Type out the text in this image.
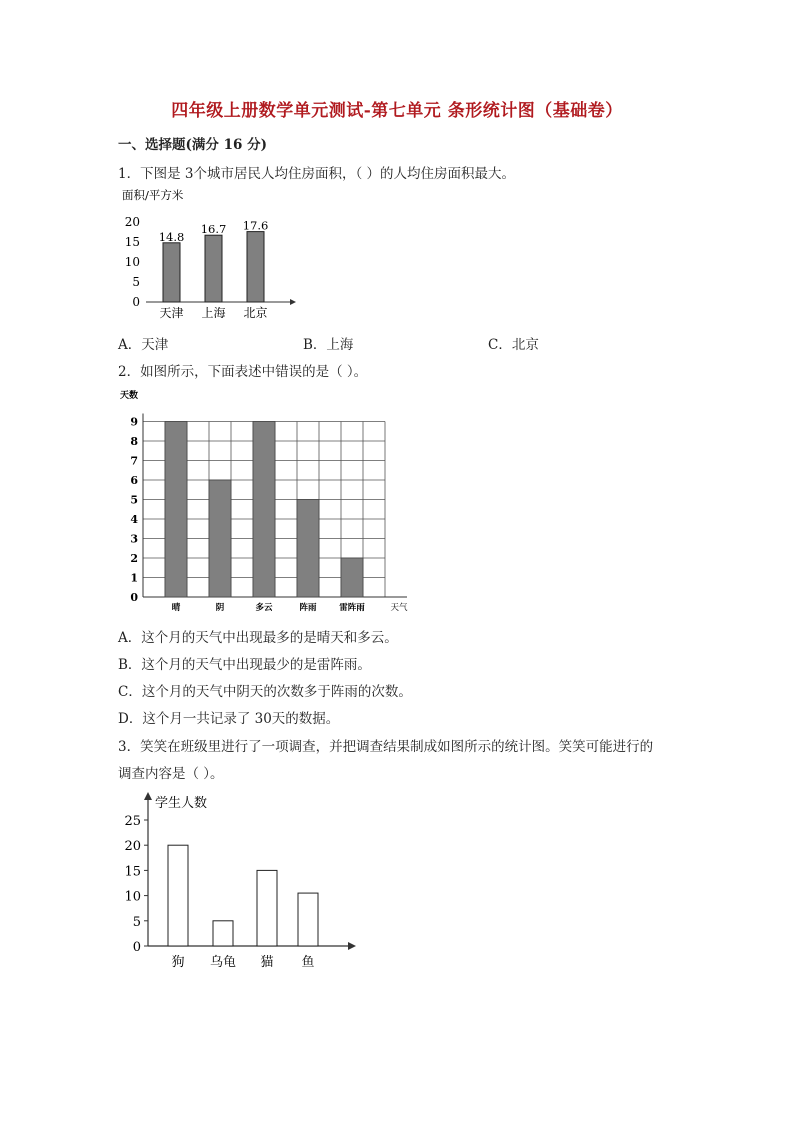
四年级上册数学单元测试-第七单元 条形统计图（基础卷）
一、选择题(满分 16 分)
1．下图是 3个城市居民人均住房面积，（ ）的人均住房面积最大。
面积/平方米
0
5
10
15
20
14.8
天津
16.7
上海
17.6
北京
A．天津	B．上海	C．北京
2．如图所示，下面表述中错误的是（ ）。
天数
0
1
2
3
4
5
6
7
8
9
晴	阴	多云	阵雨	雷阵雨	天气
A．这个月的天气中出现最多的是晴天和多云。
B．这个月的天气中出现最少的是雷阵雨。
C．这个月的天气中阴天的次数多于阵雨的次数。
D．这个月一共记录了 30天的数据。
3．笑笑在班级里进行了一项调查，并把调查结果制成如图所示的统计图。笑笑可能进行的
调查内容是（ ）。
学生人数
0
5
10
15
20
25
狗 乌龟 猫 鱼
